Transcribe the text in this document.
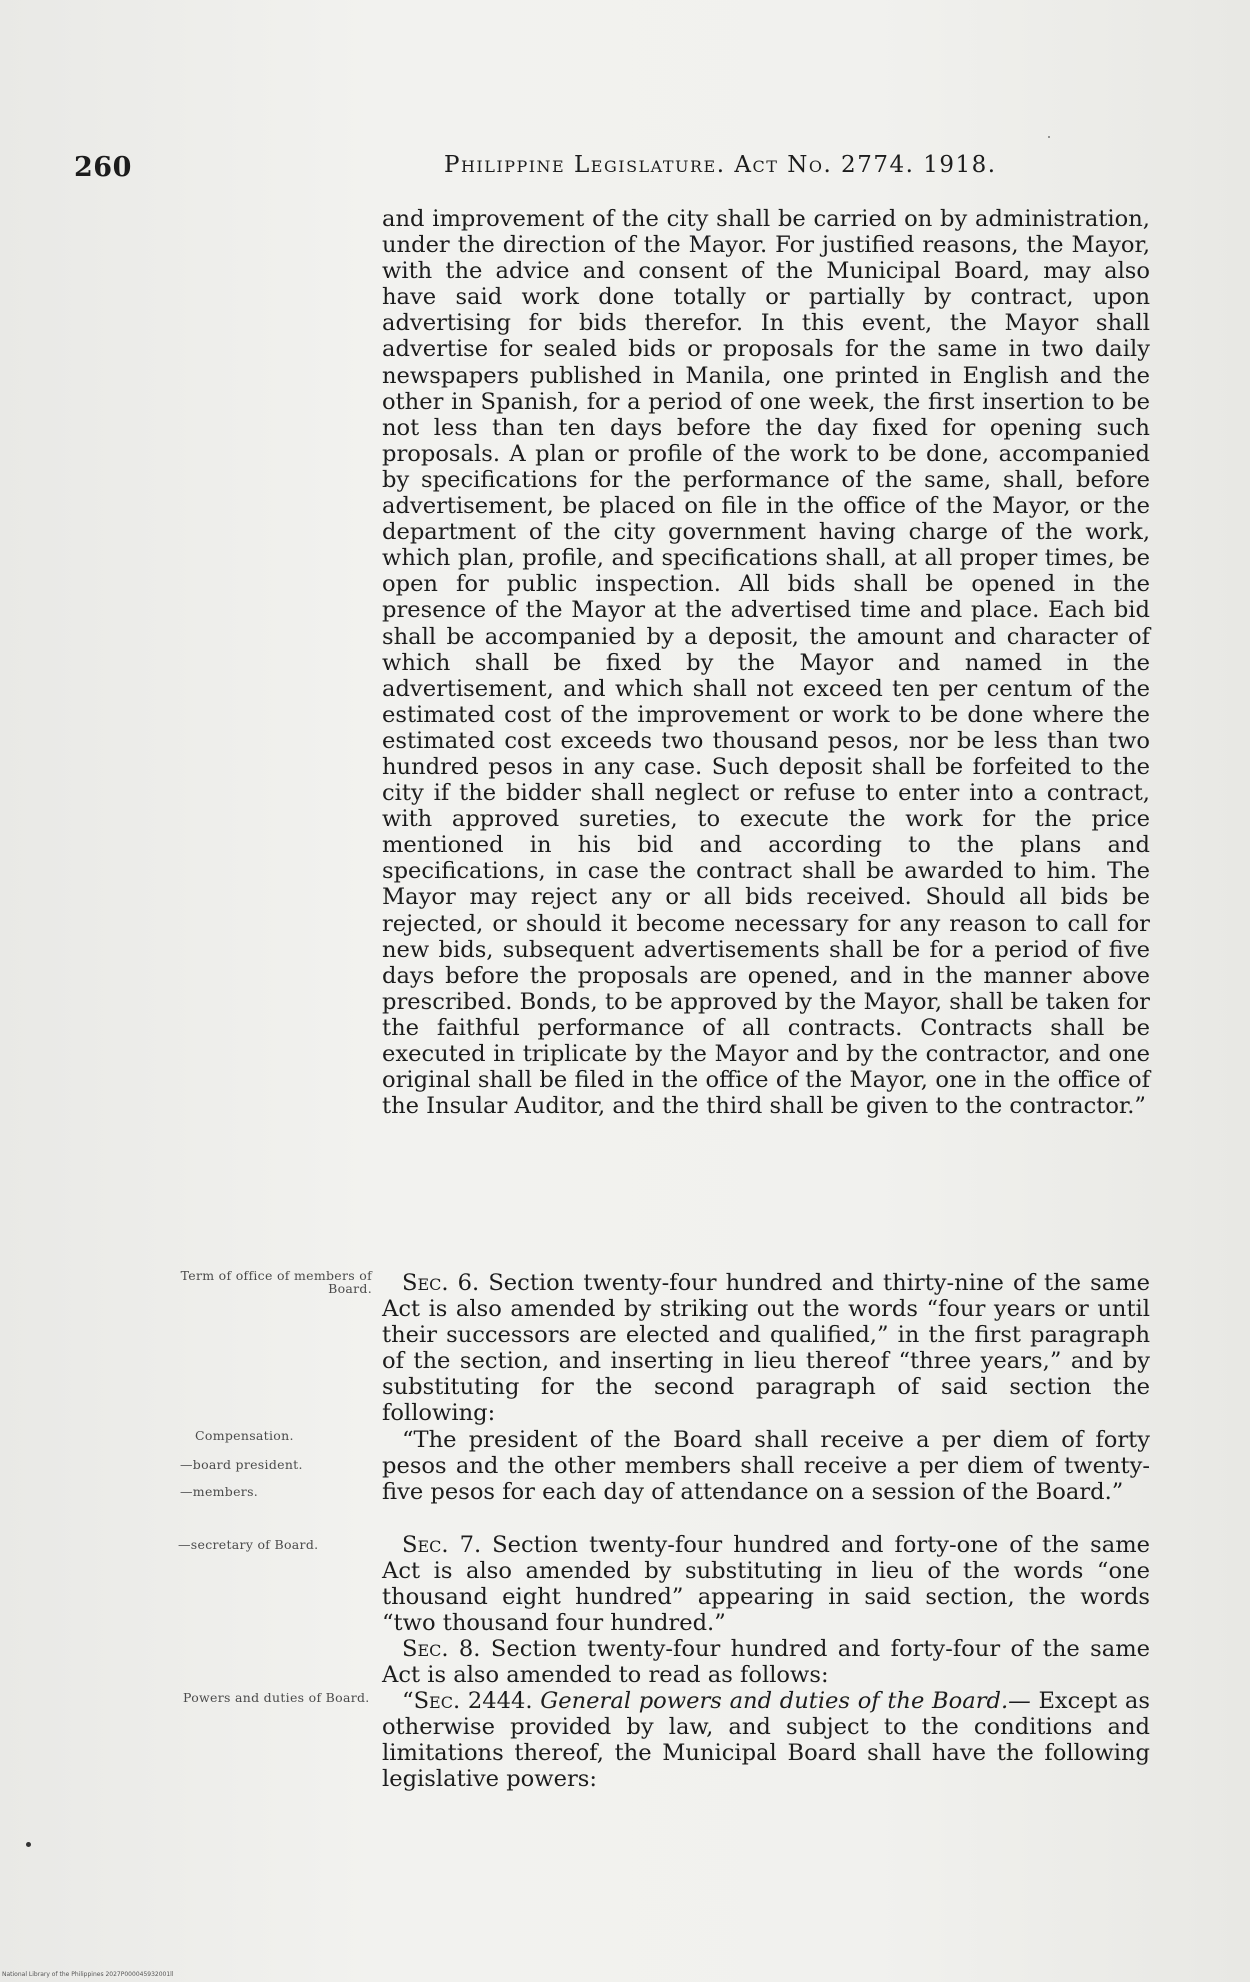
260	Philippine Legislature. Act No. 2774. 1918.

and improvement of the city shall be carried on by administration, under the direction of the Mayor. For justified reasons, the Mayor, with the advice and consent of the Municipal Board, may also have said work done totally or partially by contract, upon advertising for bids therefor. In this event, the Mayor shall advertise for sealed bids or proposals for the same in two daily newspapers published in Manila, one printed in English and the other in Spanish, for a period of one week, the first insertion to be not less than ten days before the day fixed for opening such proposals. A plan or profile of the work to be done, accompanied by specifications for the performance of the same, shall, before advertisement, be placed on file in the office of the Mayor, or the department of the city government having charge of the work, which plan, profile, and specifications shall, at all proper times, be open for public inspection. All bids shall be opened in the presence of the Mayor at the advertised time and place. Each bid shall be accompanied by a deposit, the amount and character of which shall be fixed by the Mayor and named in the advertisement, and which shall not exceed ten per centum of the estimated cost of the improvement or work to be done where the estimated cost exceeds two thousand pesos, nor be less than two hundred pesos in any case. Such deposit shall be forfeited to the city if the bidder shall neglect or refuse to enter into a contract, with approved sureties, to execute the work for the price mentioned in his bid and according to the plans and specifications, in case the contract shall be awarded to him. The Mayor may reject any or all bids received. Should all bids be rejected, or should it become necessary for any reason to call for new bids, subsequent advertisements shall be for a period of five days before the proposals are opened, and in the manner above prescribed. Bonds, to be approved by the Mayor, shall be taken for the faithful performance of all contracts. Contracts shall be executed in triplicate by the Mayor and by the contractor, and one original shall be filed in the office of the Mayor, one in the office of the Insular Auditor, and the third shall be given to the contractor.”

Sec. 6. Section twenty-four hundred and thirty-nine of the same Act is also amended by striking out the words “four years or until their successors are elected and qualified,” in the first paragraph of the section, and inserting in lieu thereof “three years,” and by substituting for the second paragraph of said section the following:

“The president of the Board shall receive a per diem of forty pesos and the other members shall receive a per diem of twenty-five pesos for each day of attendance on a session of the Board.”

Sec. 7. Section twenty-four hundred and forty-one of the same Act is also amended by substituting in lieu of the words “one thousand eight hundred” appearing in said section, the words “two thousand four hundred.”

Sec. 8. Section twenty-four hundred and forty-four of the same Act is also amended to read as follows:

“Sec. 2444. General powers and duties of the Board.— Except as otherwise provided by law, and subject to the conditions and limitations thereof, the Municipal Board shall have the following legislative powers:

Term of office of members of Board.
Compensation.
—board president.
—members.
—secretary of Board.
Powers and duties of Board.
National Library of the Philippines 2027P000045932001ll
